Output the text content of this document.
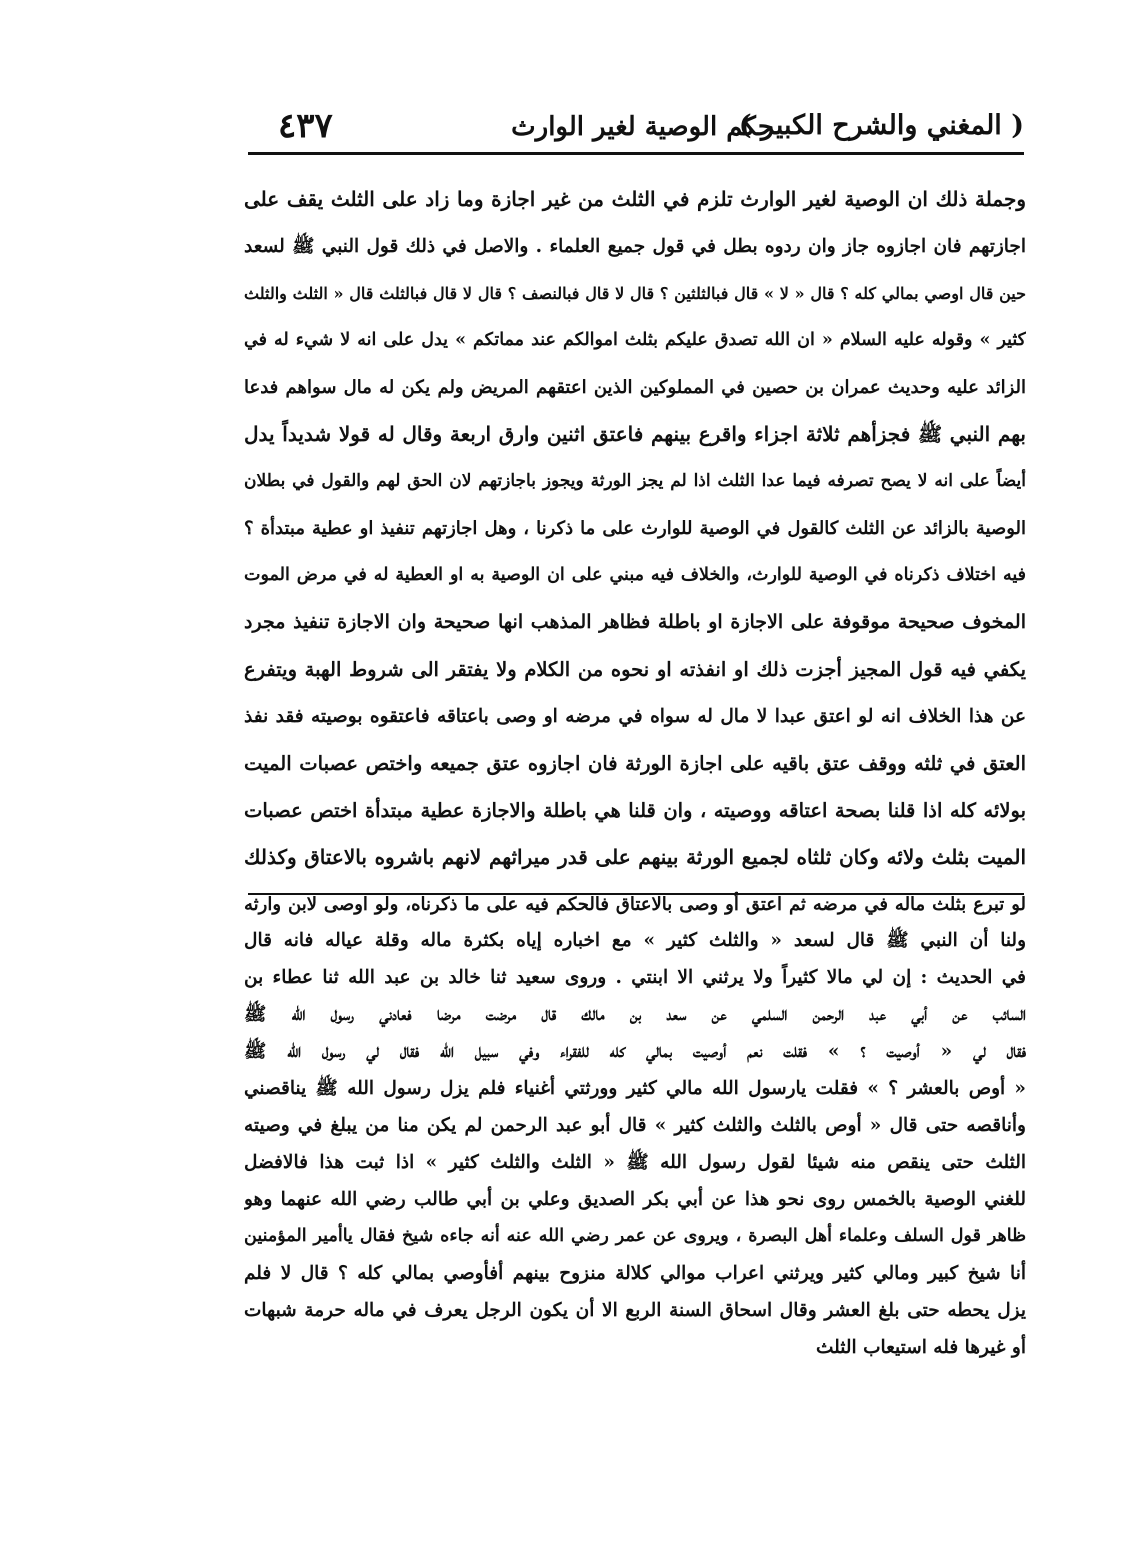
( المغني والشرح الكبير )
حكم الوصية لغير الوارث
٤٣٧
وجملة ذلك ان الوصية لغير الوارث تلزم في الثلث من غير اجازة وما زاد على الثلث يقف على
اجازتهم فان اجازوه جاز وان ردوه بطل في قول جميع العلماء . والاصل في ذلك قول النبي ﷺ لسعد
حين قال اوصي بمالي كله ؟ قال « لا » قال فبالثلثين ؟ قال لا قال فبالنصف ؟ قال لا قال فبالثلث قال « الثلث والثلث
كثير » وقوله عليه السلام « ان الله تصدق عليكم بثلث اموالكم عند مماتكم » يدل على انه لا شيء له في
الزائد عليه وحديث عمران بن حصين في المملوكين الذين اعتقهم المريض ولم يكن له مال سواهم فدعا
بهم النبي ﷺ فجزأهم ثلاثة اجزاء واقرع بينهم فاعتق اثنين وارق اربعة وقال له قولا شديداً يدل
أيضاً على انه لا يصح تصرفه فيما عدا الثلث اذا لم يجز الورثة ويجوز باجازتهم لان الحق لهم والقول في بطلان
الوصية بالزائد عن الثلث كالقول في الوصية للوارث على ما ذكرنا ، وهل اجازتهم تنفيذ او عطية مبتدأة ؟
فيه اختلاف ذكرناه في الوصية للوارث، والخلاف فيه مبني على ان الوصية به او العطية له في مرض الموت
المخوف صحيحة موقوفة على الاجازة او باطلة فظاهر المذهب انها صحيحة وان الاجازة تنفيذ مجرد
يكفي فيه قول المجيز أجزت ذلك او انفذته او نحوه من الكلام ولا يفتقر الى شروط الهبة ويتفرع
عن هذا الخلاف انه لو اعتق عبدا لا مال له سواه في مرضه او وصى باعتاقه فاعتقوه بوصيته فقد نفذ
العتق في ثلثه ووقف عتق باقيه على اجازة الورثة فان اجازوه عتق جميعه واختص عصبات الميت
بولائه كله اذا قلنا بصحة اعتاقه ووصيته ، وان قلنا هي باطلة والاجازة عطية مبتدأة اختص عصبات
الميت بثلث ولائه وكان ثلثاه لجميع الورثة بينهم على قدر ميراثهم لانهم باشروه بالاعتاق وكذلك
لو تبرع بثلث ماله في مرضه ثم اعتق أو وصى بالاعتاق فالحكم فيه على ما ذكرناه، ولو اوصى لابن وارثه
ولنا أن النبي ﷺ قال لسعد « والثلث كثير » مع اخباره إياه بكثرة ماله وقلة عياله فانه قال
في الحديث : إن لي مالا كثيراً ولا يرثني الا ابنتي . وروى سعيد ثنا خالد بن عبد الله ثنا عطاء بن
السائب عن أبي عبد الرحمن السلمي عن سعد بن مالك قال مرضت مرضا فعادني رسول الله ﷺ
فقال لي « أوصيت ؟ » فقلت نعم أوصيت بمالي كله للفقراء وفي سبيل الله فقال لي رسول الله ﷺ
« أوص بالعشر ؟ » فقلت يارسول الله مالي كثير وورثتي أغنياء فلم يزل رسول الله ﷺ يناقصني
وأناقصه حتى قال « أوص بالثلث والثلث كثير » قال أبو عبد الرحمن لم يكن منا من يبلغ في وصيته
الثلث حتى ينقص منه شيئا لقول رسول الله ﷺ « الثلث والثلث كثير » اذا ثبت هذا فالافضل
للغني الوصية بالخمس روى نحو هذا عن أبي بكر الصديق وعلي بن أبي طالب رضي الله عنهما وهو
ظاهر قول السلف وعلماء أهل البصرة ، ويروى عن عمر رضي الله عنه أنه جاءه شيخ فقال ياأمير المؤمنين
أنا شيخ كبير ومالي كثير ويرثني اعراب موالي كلالة منزوح بينهم أفأوصي بمالي كله ؟ قال لا فلم
يزل يحطه حتى بلغ العشر وقال اسحاق السنة الربع الا أن يكون الرجل يعرف في ماله حرمة شبهات
أو غيرها فله استيعاب الثلث
